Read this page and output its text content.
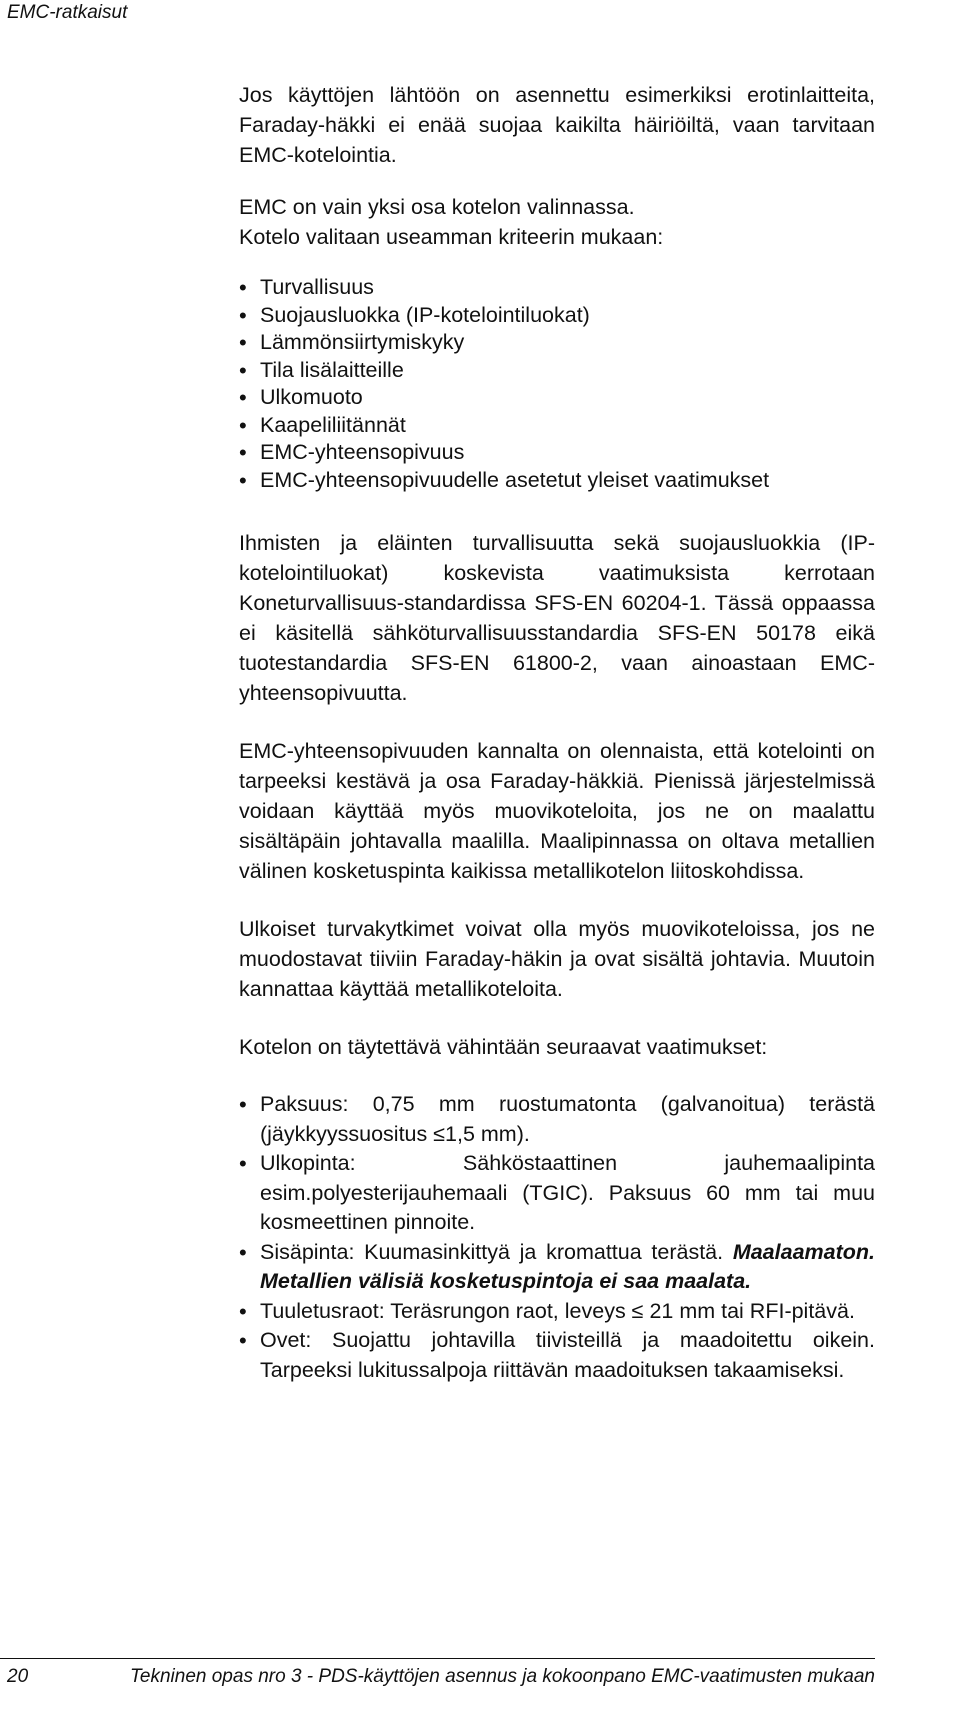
EMC-ratkaisut

Jos käyttöjen lähtöön on asennettu esimerkiksi erotinlaitteita, Faraday-häkki ei enää suojaa kaikilta häiriöiltä, vaan tarvitaan EMC-kotelointia.

EMC on vain yksi osa kotelon valinnassa.

Kotelo valitaan useamman kriteerin mukaan:

• Turvallisuus
• Suojausluokka (IP-kotelointiluokat)
• Lämmönsiirtymiskyky
• Tila lisälaitteille
• Ulkomuoto
• Kaapeliliitännät
• EMC-yhteensopivuus
• EMC-yhteensopivuudelle asetetut yleiset vaatimukset

Ihmisten ja eläinten turvallisuutta sekä suojausluokkia (IP-kotelointiluokat) koskevista vaatimuksista kerrotaan Koneturvallisuus-standardissa SFS-EN 60204-1. Tässä oppaassa ei käsitellä sähköturvallisuusstandardia SFS-EN 50178 eikä tuotestandardia SFS-EN 61800-2, vaan ainoastaan EMC-yhteensopivuutta.

EMC-yhteensopivuuden kannalta on olennaista, että kotelointi on tarpeeksi kestävä ja osa Faraday-häkkiä. Pienissä järjestelmissä voidaan käyttää myös muovikoteloita, jos ne on maalattu sisältäpäin johtavalla maalilla. Maalipinnassa on oltava metallien välinen kosketuspinta kaikissa metallikotelon liitoskohdissa.

Ulkoiset turvakytkimet voivat olla myös muovikoteloissa, jos ne muodostavat tiiviin Faraday-häkin ja ovat sisältä johtavia. Muutoin kannattaa käyttää metallikoteloita.

Kotelon on täytettävä vähintään seuraavat vaatimukset:

• Paksuus: 0,75 mm ruostumatonta (galvanoitua) terästä (jäykkyyssuositus ≤1,5 mm).
• Ulkopinta: Sähköstaattinen jauhemaalipinta esim.polyesterijauhemaali (TGIC). Paksuus 60 mm tai muu kosmeettinen pinnoite.
• Sisäpinta: Kuumasinkittyä ja kromattua terästä. Maalaamaton. Metallien välisiä kosketuspintoja ei saa maalata.
• Tuuletusraot: Teräsrungon raot, leveys ≤ 21 mm tai RFI-pitävä.
• Ovet: Suojattu johtavilla tiivisteillä ja maadoitettu oikein. Tarpeeksi lukitussalpoja riittävän maadoituksen takaamiseksi.
20	Tekninen opas nro 3 - PDS-käyttöjen asennus ja kokoonpano EMC-vaatimusten mukaan
